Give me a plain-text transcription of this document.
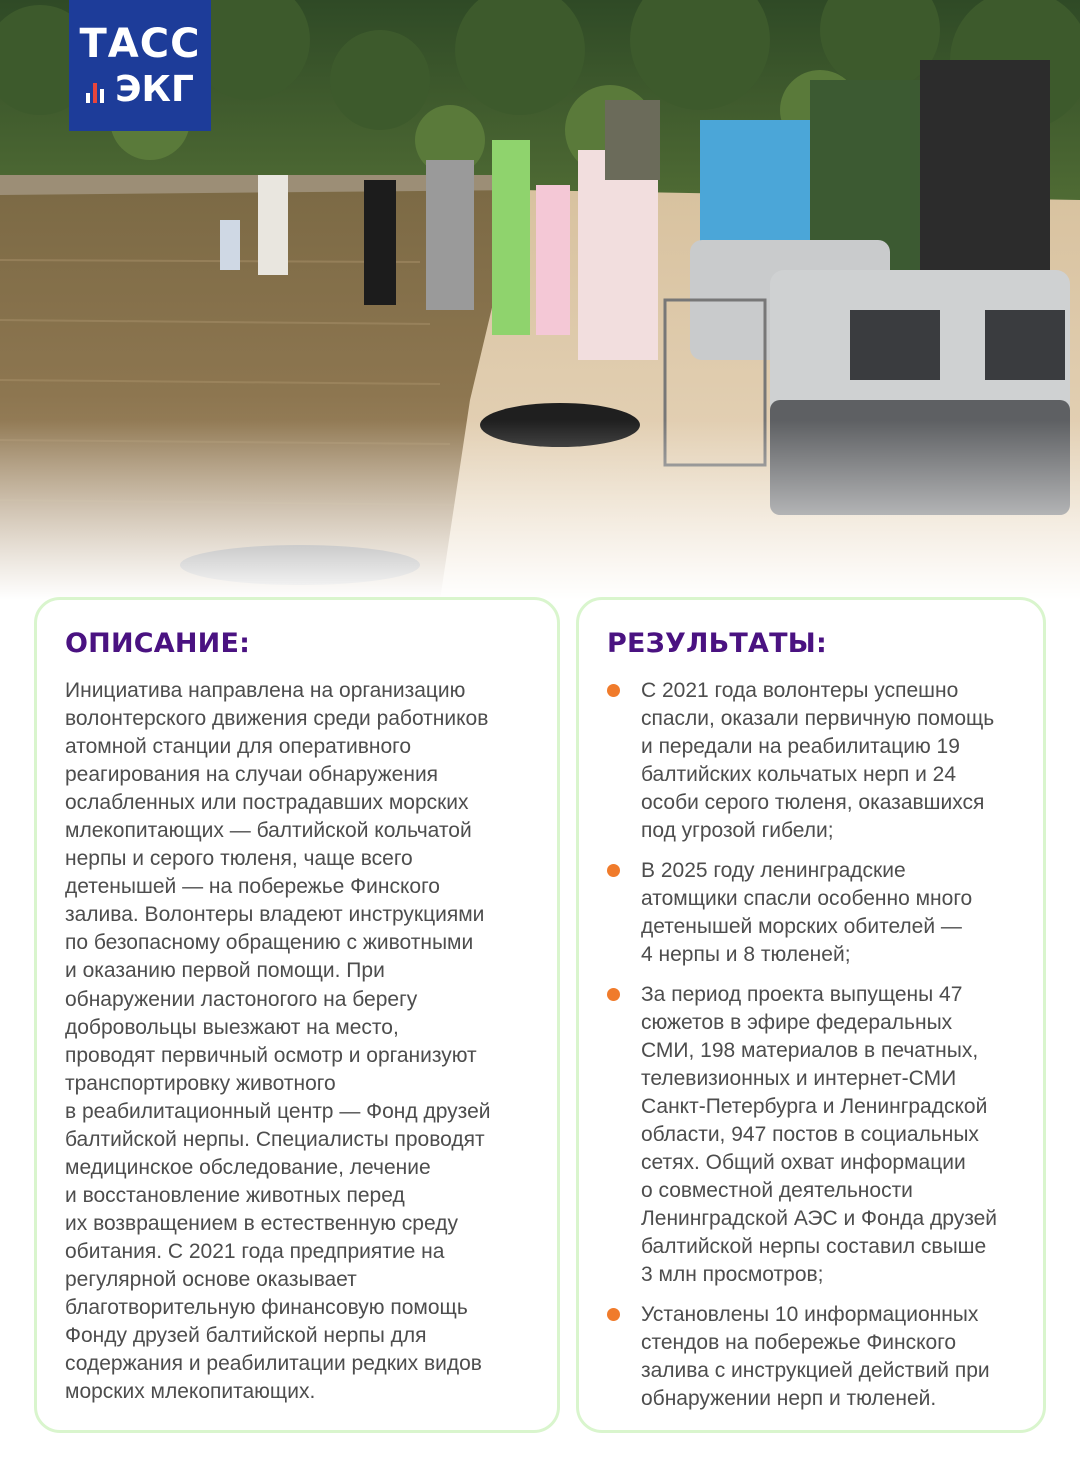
ТАСС
ЭКГ
ОПИСАНИЕ:

Инициатива направлена на организацию
волонтерского движения среди работников
атомной станции для оперативного
реагирования на случаи обнаружения
ослабленных или пострадавших морских
млекопитающих — балтийской кольчатой
нерпы и серого тюленя, чаще всего
детенышей — на побережье Финского
залива. Волонтеры владеют инструкциями
по безопасному обращению с животными
и оказанию первой помощи. При
обнаружении ластоногого на берегу
добровольцы выезжают на место,
проводят первичный осмотр и организуют
транспортировку животного
в реабилитационный центр — Фонд друзей
балтийской нерпы. Специалисты проводят
медицинское обследование, лечение
и восстановление животных перед
их возвращением в естественную среду
обитания. С 2021 года предприятие на
регулярной основе оказывает
благотворительную финансовую помощь
Фонду друзей балтийской нерпы для
содержания и реабилитации редких видов
морских млекопитающих.

РЕЗУЛЬТАТЫ:
С 2021 года волонтеры успешно
спасли, оказали первичную помощь
и передали на реабилитацию 19
балтийских кольчатых нерп и 24
особи серого тюленя, оказавшихся
под угрозой гибели;
В 2025 году ленинградские
атомщики спасли особенно много
детенышей морских обителей —
4 нерпы и 8 тюленей;
За период проекта выпущены 47
сюжетов в эфире федеральных
СМИ, 198 материалов в печатных,
телевизионных и интернет-СМИ
Санкт-Петербурга и Ленинградской
области, 947 постов в социальных
сетях. Общий охват информации
о совместной деятельности
Ленинградской АЭС и Фонда друзей
балтийской нерпы составил свыше
3 млн просмотров;
Установлены 10 информационных
стендов на побережье Финского
залива с инструкцией действий при
обнаружении нерп и тюленей.
